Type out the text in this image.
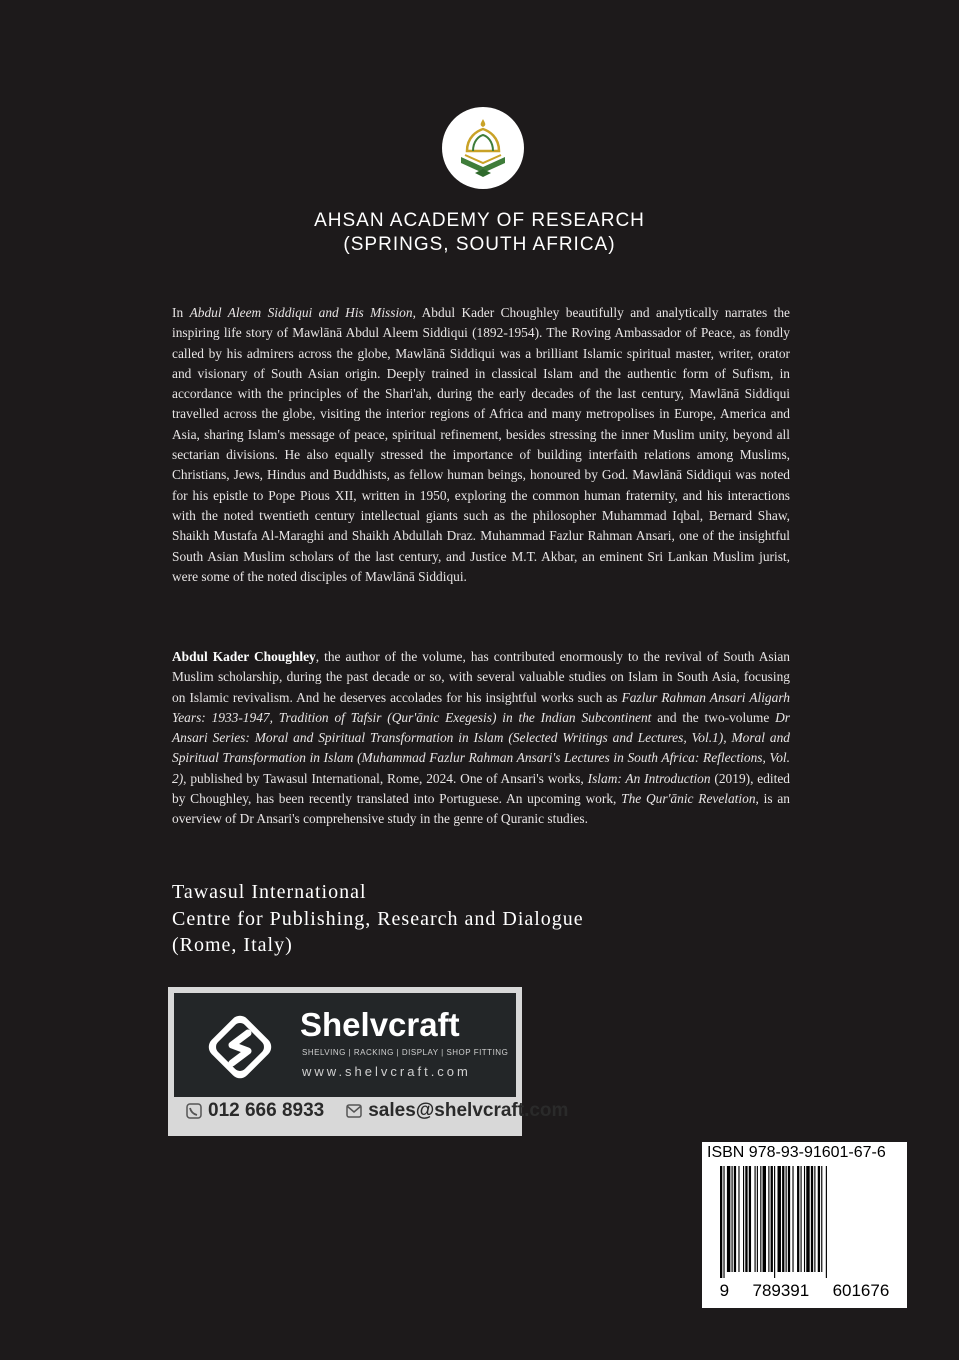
AHSAN ACADEMY OF RESEARCH
(SPRINGS, SOUTH AFRICA)

In Abdul Aleem Siddiqui and His Mission, Abdul Kader Choughley beautifully and analytically narrates the inspiring life story of Mawlānā Abdul Aleem Siddiqui (1892-1954). The Roving Ambassador of Peace, as fondly called by his admirers across the globe, Mawlānā Siddiqui was a brilliant Islamic spiritual master, writer, orator and visionary of South Asian origin. Deeply trained in classical Islam and the authentic form of Sufism, in accordance with the principles of the Shari'ah, during the early decades of the last century, Mawlānā Siddiqui travelled across the globe, visiting the interior regions of Africa and many metropolises in Europe, America and Asia, sharing Islam's message of peace, spiritual refinement, besides stressing the inner Muslim unity, beyond all sectarian divisions. He also equally stressed the importance of building interfaith relations among Muslims, Christians, Jews, Hindus and Buddhists, as fellow human beings, honoured by God. Mawlānā Siddiqui was noted for his epistle to Pope Pious XII, written in 1950, exploring the common human fraternity, and his interactions with the noted twentieth century intellectual giants such as the philosopher Muhammad Iqbal, Bernard Shaw, Shaikh Mustafa Al-Maraghi and Shaikh Abdullah Draz. Muhammad Fazlur Rahman Ansari, one of the insightful South Asian Muslim scholars of the last century, and Justice M.T. Akbar, an eminent Sri Lankan Muslim jurist, were some of the noted disciples of Mawlānā Siddiqui.

Abdul Kader Choughley, the author of the volume, has contributed enormously to the revival of South Asian Muslim scholarship, during the past decade or so, with several valuable studies on Islam in South Asia, focusing on Islamic revivalism. And he deserves accolades for his insightful works such as Fazlur Rahman Ansari Aligarh Years: 1933-1947, Tradition of Tafsir (Qur'ānic Exegesis) in the Indian Subcontinent and the two-volume Dr Ansari Series: Moral and Spiritual Transformation in Islam (Selected Writings and Lectures, Vol.1), Moral and Spiritual Transformation in Islam (Muhammad Fazlur Rahman Ansari's Lectures in South Africa: Reflections, Vol. 2), published by Tawasul International, Rome, 2024. One of Ansari's works, Islam: An Introduction (2019), edited by Choughley, has been recently translated into Portuguese. An upcoming work, The Qur'ānic Revelation, is an overview of Dr Ansari's comprehensive study in the genre of Quranic studies.

Tawasul International
Centre for Publishing, Research and Dialogue
(Rome, Italy)
Shelvcraft
SHELVING | RACKING | DISPLAY | SHOP FITTING
www.shelvcraft.com
012 666 8933 sales@shelvcraft.com
ISBN 978-93-91601-67-6
9 789391 601676
